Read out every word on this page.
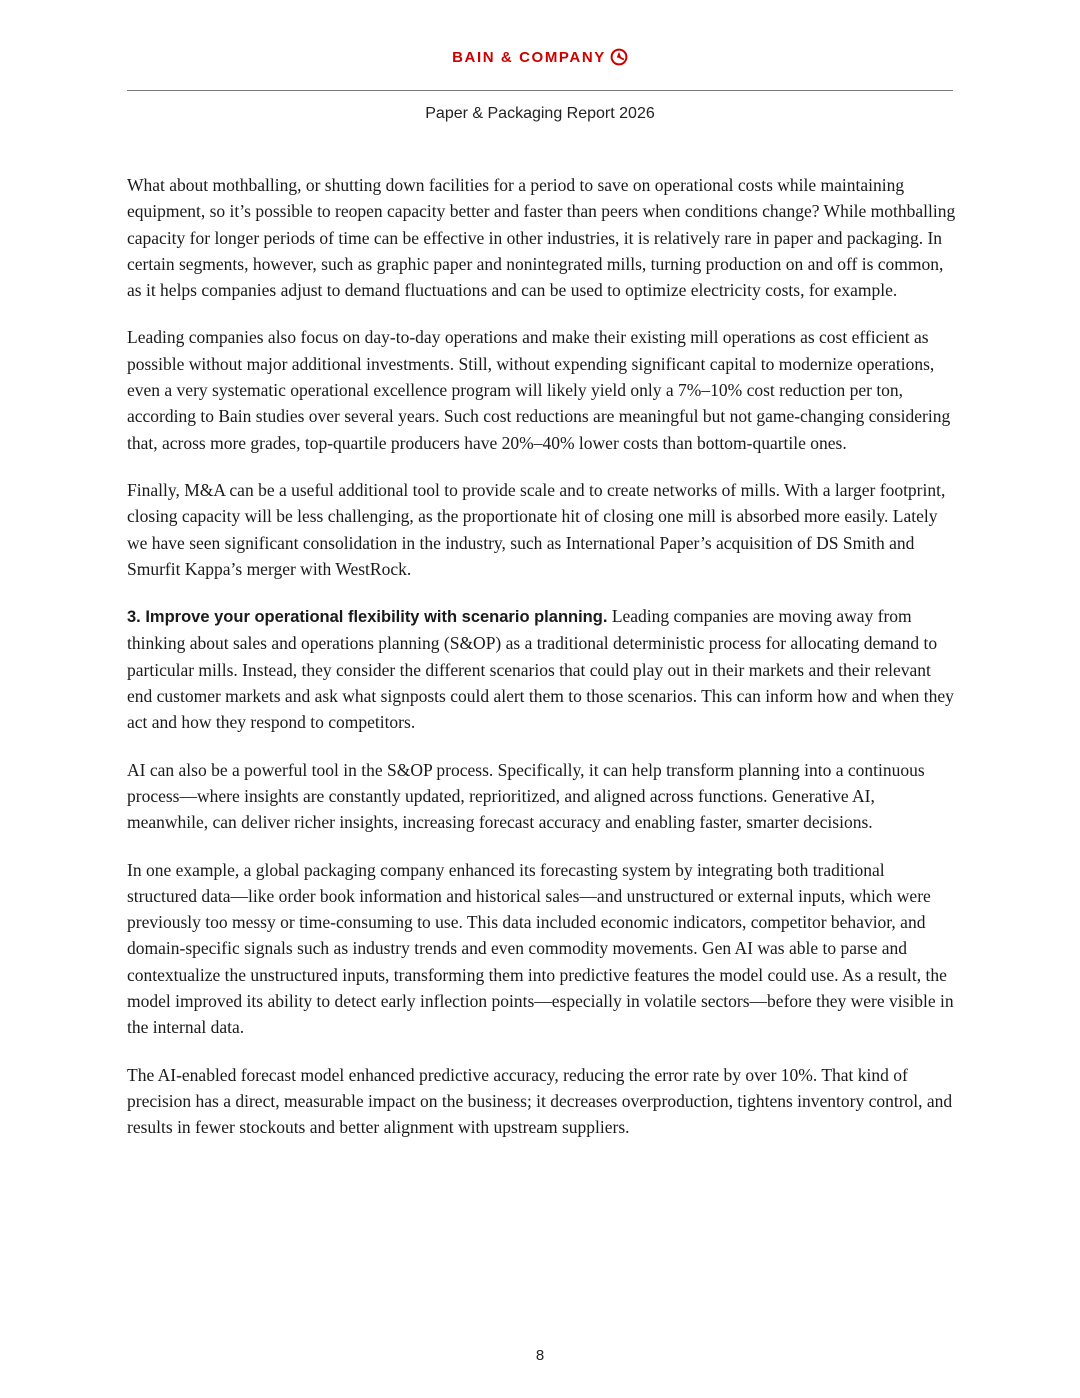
BAIN & COMPANY
Paper & Packaging Report 2026

What about mothballing, or shutting down facilities for a period to save on operational costs while maintaining equipment, so it’s possible to reopen capacity better and faster than peers when conditions change? While mothballing capacity for longer periods of time can be effective in other industries, it is relatively rare in paper and packaging. In certain segments, however, such as graphic paper and nonintegrated mills, turning production on and off is common, as it helps companies adjust to demand fluctuations and can be used to optimize electricity costs, for example.

Leading companies also focus on day-to-day operations and make their existing mill operations as cost efficient as possible without major additional investments. Still, without expending significant capital to modernize operations, even a very systematic operational excellence program will likely yield only a 7%–10% cost reduction per ton, according to Bain studies over several years. Such cost reductions are meaningful but not game-changing considering that, across more grades, top-quartile producers have 20%–40% lower costs than bottom-quartile ones.

Finally, M&A can be a useful additional tool to provide scale and to create networks of mills. With a larger footprint, closing capacity will be less challenging, as the proportionate hit of closing one mill is absorbed more easily. Lately we have seen significant consolidation in the industry, such as International Paper’s acquisition of DS Smith and Smurfit Kappa’s merger with WestRock.

3. Improve your operational flexibility with scenario planning. Leading companies are moving away from thinking about sales and operations planning (S&OP) as a traditional deterministic process for allocating demand to particular mills. Instead, they consider the different scenarios that could play out in their markets and their relevant end customer markets and ask what signposts could alert them to those scenarios. This can inform how and when they act and how they respond to competitors.

AI can also be a powerful tool in the S&OP process. Specifically, it can help transform planning into a continuous process—where insights are constantly updated, reprioritized, and aligned across functions. Generative AI, meanwhile, can deliver richer insights, increasing forecast accuracy and enabling faster, smarter decisions.

In one example, a global packaging company enhanced its forecasting system by integrating both traditional structured data—like order book information and historical sales—and unstructured or external inputs, which were previously too messy or time-consuming to use. This data included economic indicators, competitor behavior, and domain-specific signals such as industry trends and even commodity movements. Gen AI was able to parse and contextualize the unstructured inputs, transforming them into predictive features the model could use. As a result, the model improved its ability to detect early inflection points—especially in volatile sectors—before they were visible in the internal data.

The AI-enabled forecast model enhanced predictive accuracy, reducing the error rate by over 10%. That kind of precision has a direct, measurable impact on the business; it decreases overproduction, tightens inventory control, and results in fewer stockouts and better alignment with upstream suppliers.

8
